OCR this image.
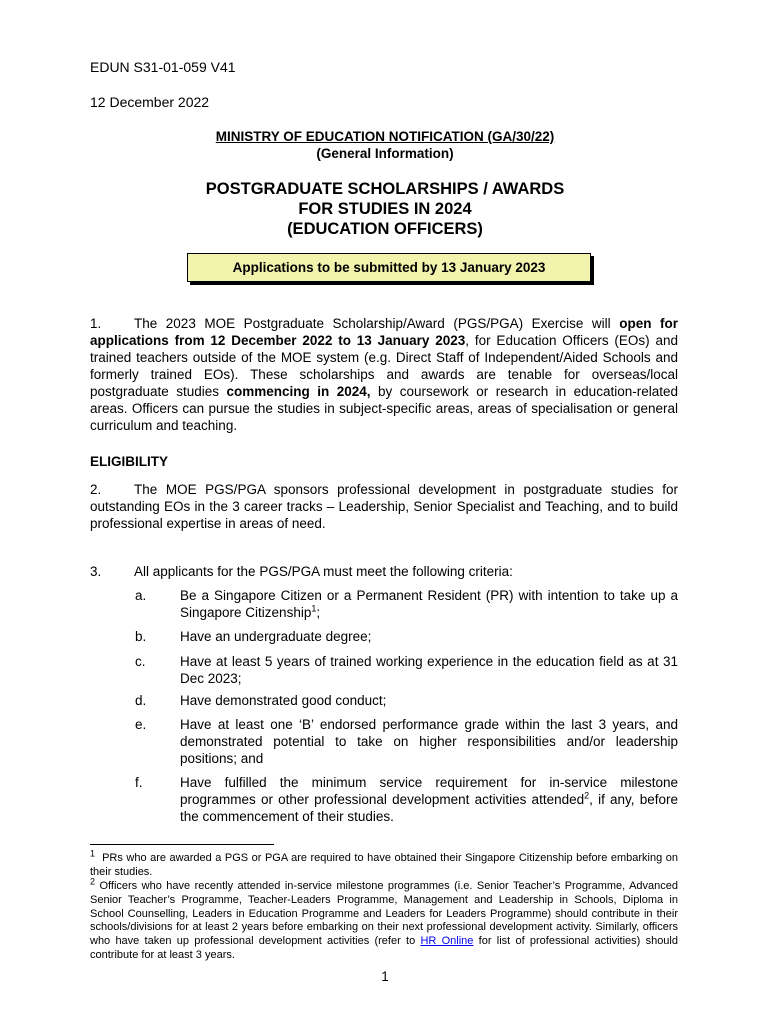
EDUN S31-01-059 V41
12 December 2022
MINISTRY OF EDUCATION NOTIFICATION (GA/30/22)
(General Information)
POSTGRADUATE SCHOLARSHIPS / AWARDS
FOR STUDIES IN 2024
(EDUCATION OFFICERS)
Applications to be submitted by 13 January 2023
1. The 2023 MOE Postgraduate Scholarship/Award (PGS/PGA) Exercise will open for applications from 12 December 2022 to 13 January 2023, for Education Officers (EOs) and trained teachers outside of the MOE system (e.g. Direct Staff of Independent/Aided Schools and formerly trained EOs). These scholarships and awards are tenable for overseas/local postgraduate studies commencing in 2024, by coursework or research in education-related areas. Officers can pursue the studies in subject-specific areas, areas of specialisation or general curriculum and teaching.
ELIGIBILITY
2. The MOE PGS/PGA sponsors professional development in postgraduate studies for outstanding EOs in the 3 career tracks – Leadership, Senior Specialist and Teaching, and to build professional expertise in areas of need.
3. All applicants for the PGS/PGA must meet the following criteria:
a.	Be a Singapore Citizen or a Permanent Resident (PR) with intention to take up a Singapore Citizenship$^1$;
b.	Have an undergraduate degree;
c.	Have at least 5 years of trained working experience in the education field as at 31 Dec 2023;
d.	Have demonstrated good conduct;
e.	Have at least one ‘B’ endorsed performance grade within the last 3 years, and demonstrated potential to take on higher responsibilities and/or leadership positions; and
f.	Have fulfilled the minimum service requirement for in-service milestone programmes or other professional development activities attended$^2$, if any, before the commencement of their studies.
$^1$ PRs who are awarded a PGS or PGA are required to have obtained their Singapore Citizenship before embarking on their studies.
$^2$ Officers who have recently attended in-service milestone programmes (i.e. Senior Teacher’s Programme, Advanced Senior Teacher’s Programme, Teacher-Leaders Programme, Management and Leadership in Schools, Diploma in School Counselling, Leaders in Education Programme and Leaders for Leaders Programme) should contribute in their schools/divisions for at least 2 years before embarking on their next professional development activity. Similarly, officers who have taken up professional development activities (refer to HR Online for list of professional activities) should contribute for at least 3 years.
1
